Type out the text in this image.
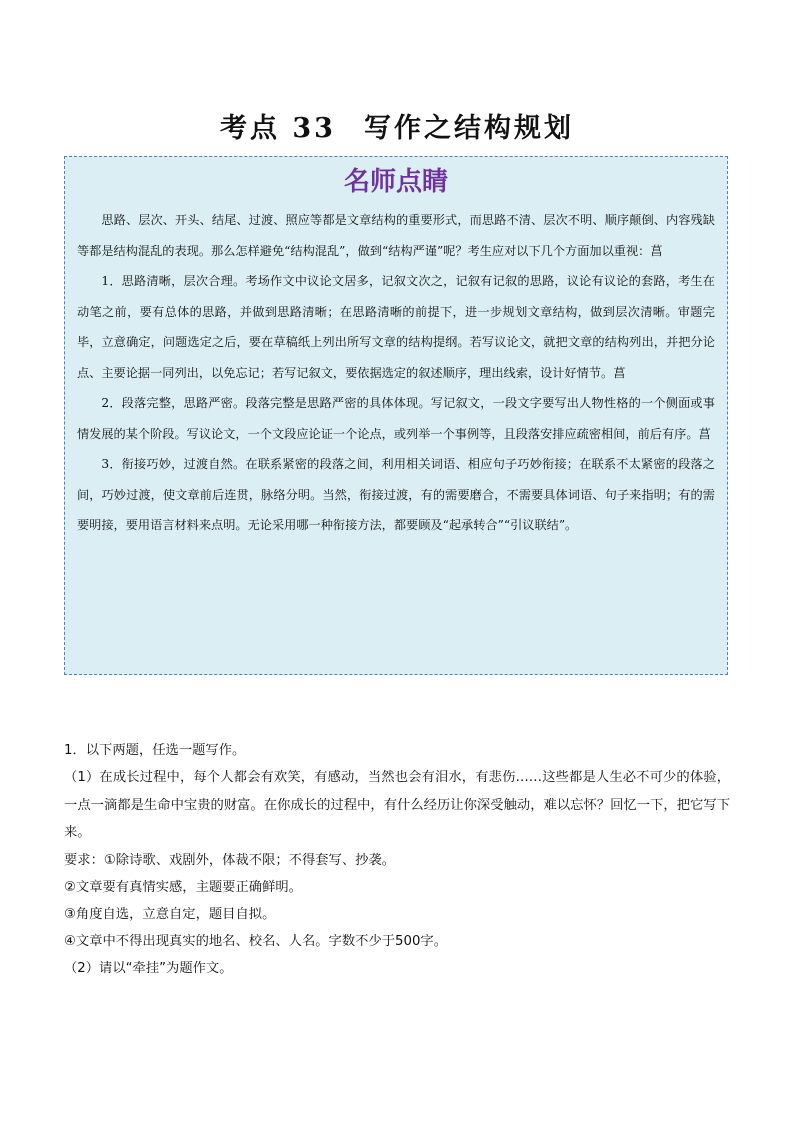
考点 33 写作之结构规划
名师点睛

思路、层次、开头、结尾、过渡、照应等都是文章结构的重要形式，而思路不清、层次不明、顺序颠倒、内容残缺等都是结构混乱的表现。那么怎样避免“结构混乱”，做到“结构严谨”呢？考生应对以下几个方面加以重视：菖

1．思路清晰，层次合理。考场作文中议论文居多，记叙文次之，记叙有记叙的思路，议论有议论的套路，考生在动笔之前，要有总体的思路，并做到思路清晰；在思路清晰的前提下，进一步规划文章结构，做到层次清晰。审题完毕，立意确定，问题选定之后，要在草稿纸上列出所写文章的结构提纲。若写议论文，就把文章的结构列出，并把分论点、主要论据一同列出，以免忘记；若写记叙文，要依据选定的叙述顺序，理出线索，设计好情节。菖

2．段落完整，思路严密。段落完整是思路严密的具体体现。写记叙文，一段文字要写出人物性格的一个侧面或事情发展的某个阶段。写议论文，一个文段应论证一个论点，或列举一个事例等，且段落安排应疏密相间，前后有序。菖

3．衔接巧妙，过渡自然。在联系紧密的段落之间，利用相关词语、相应句子巧妙衔接；在联系不太紧密的段落之间，巧妙过渡，使文章前后连贯，脉络分明。当然，衔接过渡，有的需要磨合，不需要具体词语、句子来指明；有的需要明接，要用语言材料来点明。无论采用哪一种衔接方法，都要顾及“起承转合”“引议联结”。

1．以下两题，任选一题写作。

（1）在成长过程中，每个人都会有欢笑，有感动，当然也会有泪水，有悲伤……这些都是人生必不可少的体验，一点一滴都是生命中宝贵的财富。在你成长的过程中，有什么经历让你深受触动，难以忘怀？回忆一下，把它写下来。

要求：①除诗歌、戏剧外，体裁不限；不得套写、抄袭。

②文章要有真情实感，主题要正确鲜明。

③角度自选，立意自定，题目自拟。

④文章中不得出现真实的地名、校名、人名。字数不少于500字。

（2）请以“牵挂”为题作文。
